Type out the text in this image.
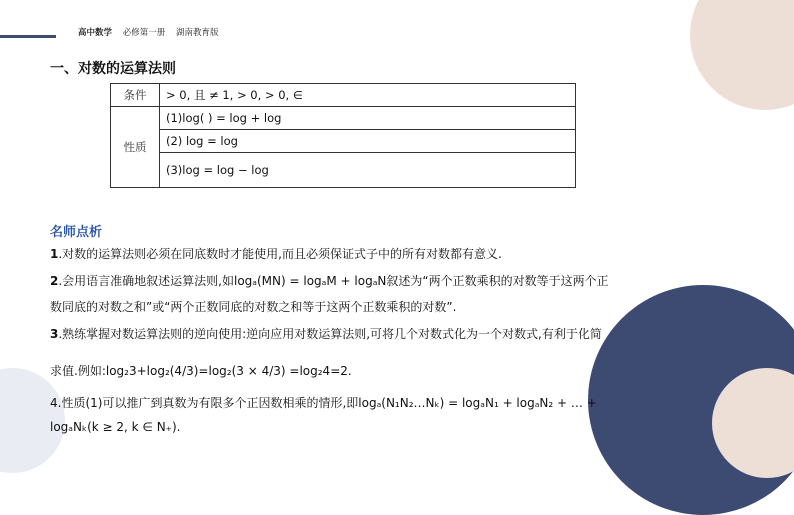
高中数学 必修第一册 湖南教育版
一、对数的运算法则
条件	> 0, 且 ≠ 1, > 0, > 0, ∈
性质	(1)log( ) = log + log
	(2) log = log
	(3)log = log − log
名师点析
1.对数的运算法则必须在同底数时才能使用,而且必须保证式子中的所有对数都有意义.
2.会用语言准确地叙述运算法则,如logₐ(MN) = logₐM + logₐN叙述为“两个正数乘积的对数等于这两个正
数同底的对数之和”或“两个正数同底的对数之和等于这两个正数乘积的对数”.
3.熟练掌握对数运算法则的逆向使用:逆向应用对数运算法则,可将几个对数式化为一个对数式,有利于化简
求值.例如:log₂3+log₂(4/3)=log₂(3 × 4/3) =log₂4=2.
4.性质(1)可以推广到真数为有限多个正因数相乘的情形,即logₐ(N₁N₂…Nₖ) = logₐN₁ + logₐN₂ + … +
logₐNₖ(k ≥ 2, k ∈ N₊).
